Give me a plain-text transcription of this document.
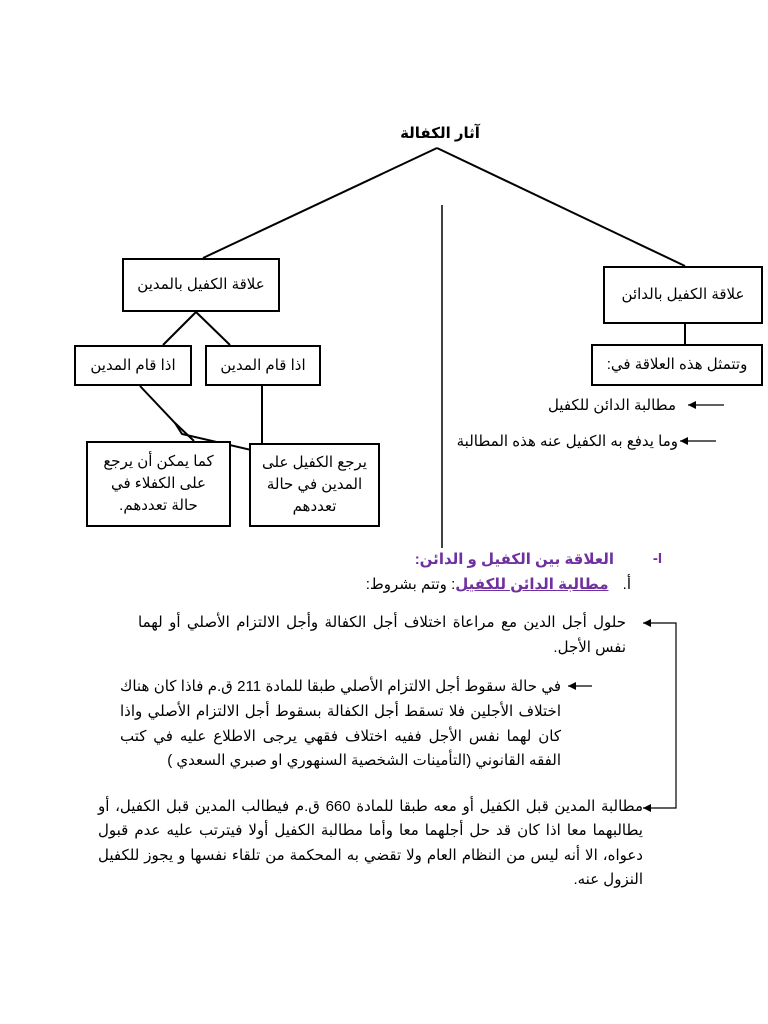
آثار الكفالة
علاقة الكفيل بالدائن
وتتمثل هذه العلاقة في:
مطالبة الدائن للكفيل
وما يدفع به الكفيل عنه هذه المطالبة
علاقة الكفيل بالمدين
اذا قام المدين
اذا قام المدين
يرجع الكفيل على المدين في حالة تعددهم
كما يمكن أن يرجع على الكفلاء في حالة تعددهم.
I-
العلاقة بين الكفيل و الدائن:
أ. مطالبة الدائن للكفيل: وتتم بشروط:
حلول أجل الدين مع مراعاة اختلاف أجل الكفالة وأجل الالتزام الأصلي أو لهما نفس الأجل.
في حالة سقوط أجل الالتزام الأصلي طبقا للمادة 211 ق.م فاذا كان هناك اختلاف الأجلين فلا تسقط أجل الكفالة بسقوط أجل الالتزام الأصلي واذا كان لهما نفس الأجل ففيه اختلاف فقهي يرجى الاطلاع عليه في كتب الفقه القانوني (التأمينات الشخصية السنهوري او صبري السعدي )
مطالبة المدين قبل الكفيل أو معه طبقا للمادة 660 ق.م فيطالب المدين قبل الكفيل، أو يطالبهما معا اذا كان قد حل أجلهما معا وأما مطالبة الكفيل أولا فيترتب عليه عدم قبول دعواه، الا أنه ليس من النظام العام ولا تقضي به المحكمة من تلقاء نفسها و يجوز للكفيل النزول عنه.
